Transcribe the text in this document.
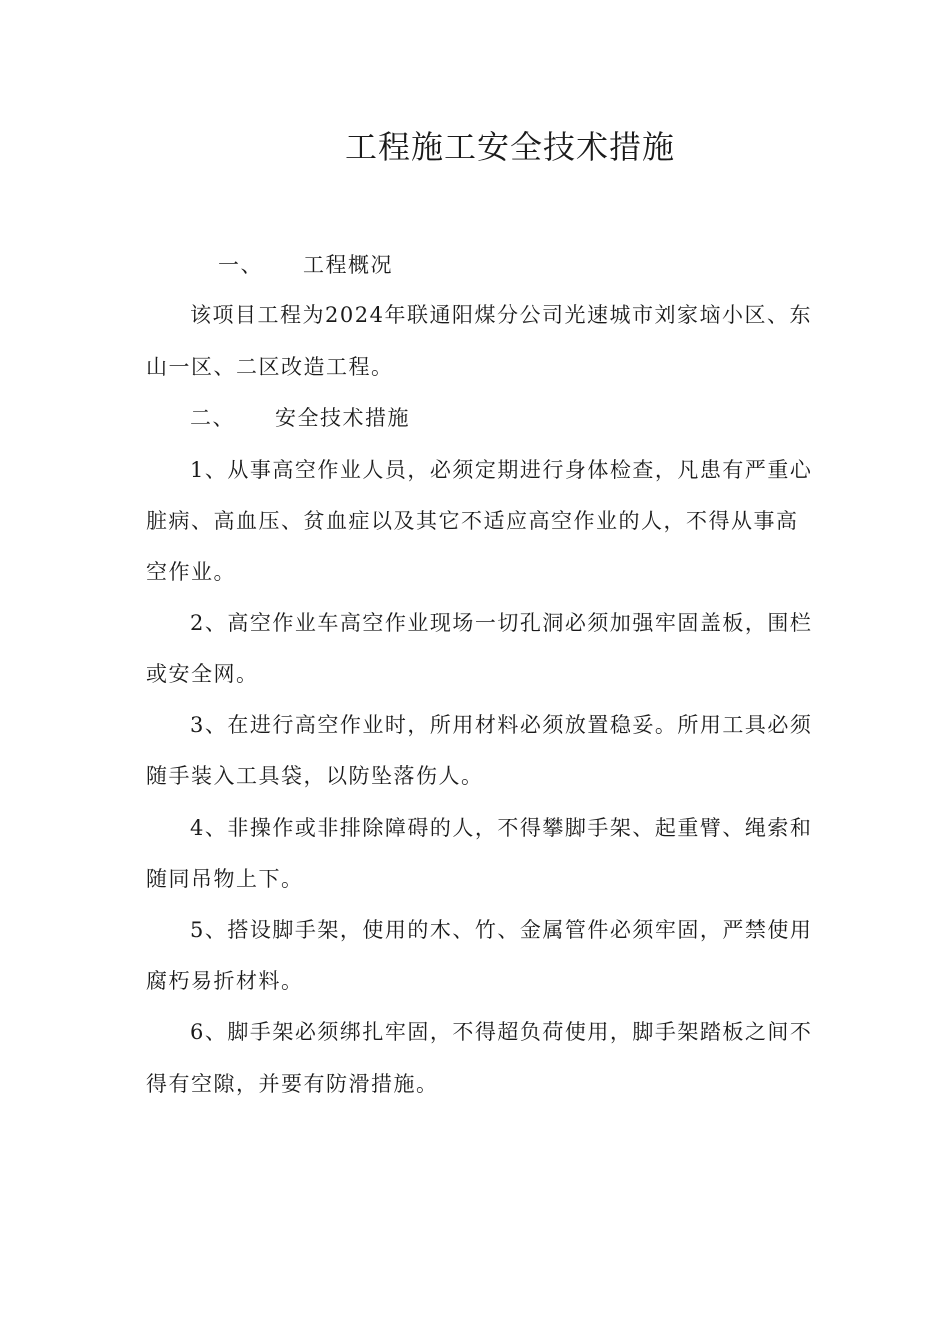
工程施工安全技术措施
一、 工程概况
该项目工程为2024年联通阳煤分公司光速城市刘家垴小区、东
山一区、二区改造工程。
二、 安全技术措施
1、从事高空作业人员，必须定期进行身体检查，凡患有严重心
脏病、高血压、贫血症以及其它不适应高空作业的人，不得从事高
空作业。
2、高空作业车高空作业现场一切孔洞必须加强牢固盖板，围栏
或安全网。
3、在进行高空作业时，所用材料必须放置稳妥。所用工具必须
随手装入工具袋，以防坠落伤人。
4、非操作或非排除障碍的人，不得攀脚手架、起重臂、绳索和
随同吊物上下。
5、搭设脚手架，使用的木、竹、金属管件必须牢固，严禁使用
腐朽易折材料。
6、脚手架必须绑扎牢固，不得超负荷使用，脚手架踏板之间不
得有空隙，并要有防滑措施。
